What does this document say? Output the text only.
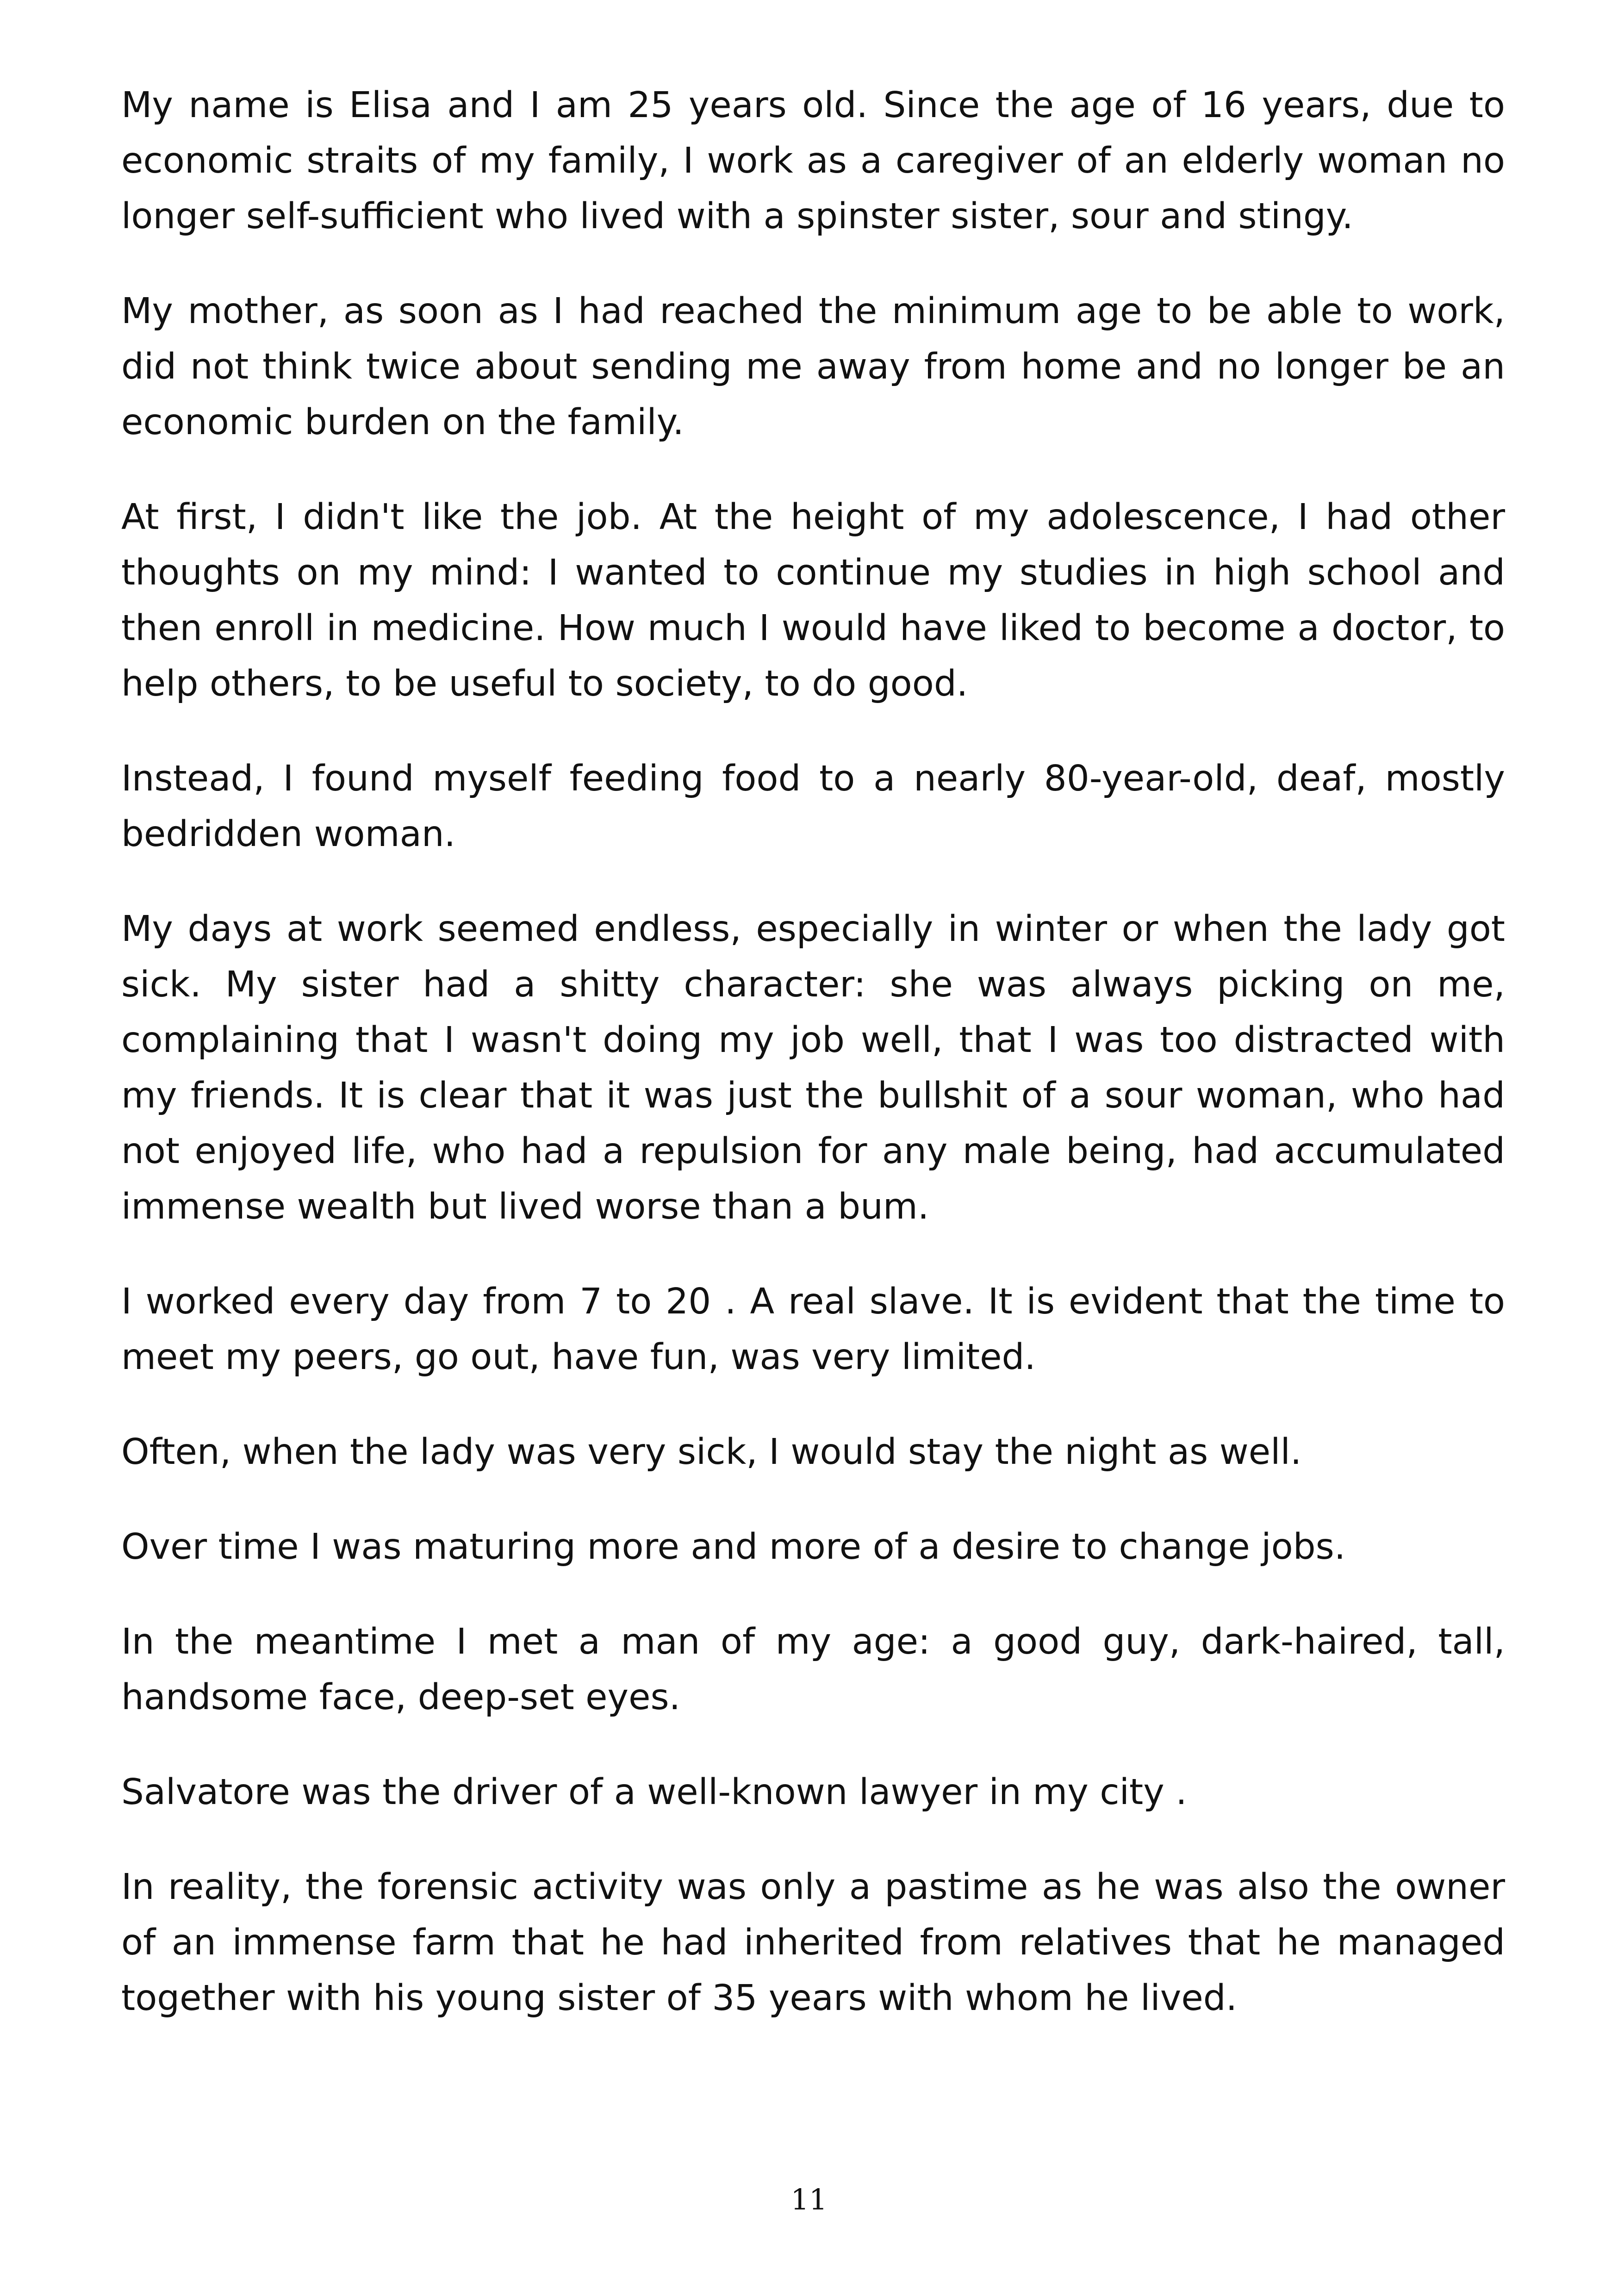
My name is Elisa and I am 25 years old. Since the age of 16 years, due to economic straits of my family, I work as a caregiver of an elderly woman no longer self-sufficient who lived with a spinster sister, sour and stingy.

My mother, as soon as I had reached the minimum age to be able to work, did not think twice about sending me away from home and no longer be an economic burden on the family.

At first, I didn't like the job. At the height of my adolescence, I had other thoughts on my mind: I wanted to continue my studies in high school and then enroll in medicine. How much I would have liked to become a doctor, to help others, to be useful to society, to do good.

Instead, I found myself feeding food to a nearly 80-year-old, deaf, mostly bedridden woman.

My days at work seemed endless, especially in winter or when the lady got sick. My sister had a shitty character: she was always picking on me, complaining that I wasn't doing my job well, that I was too distracted with my friends. It is clear that it was just the bullshit of a sour woman, who had not enjoyed life, who had a repulsion for any male being, had accumulated immense wealth but lived worse than a bum.

I worked every day from 7 to 20 . A real slave. It is evident that the time to meet my peers, go out, have fun, was very limited.

Often, when the lady was very sick, I would stay the night as well.

Over time I was maturing more and more of a desire to change jobs.

In the meantime I met a man of my age: a good guy, dark-haired, tall, handsome face, deep-set eyes.

Salvatore was the driver of a well-known lawyer in my city .

In reality, the forensic activity was only a pastime as he was also the owner of an immense farm that he had inherited from relatives that he managed together with his young sister of 35 years with whom he lived.

11
